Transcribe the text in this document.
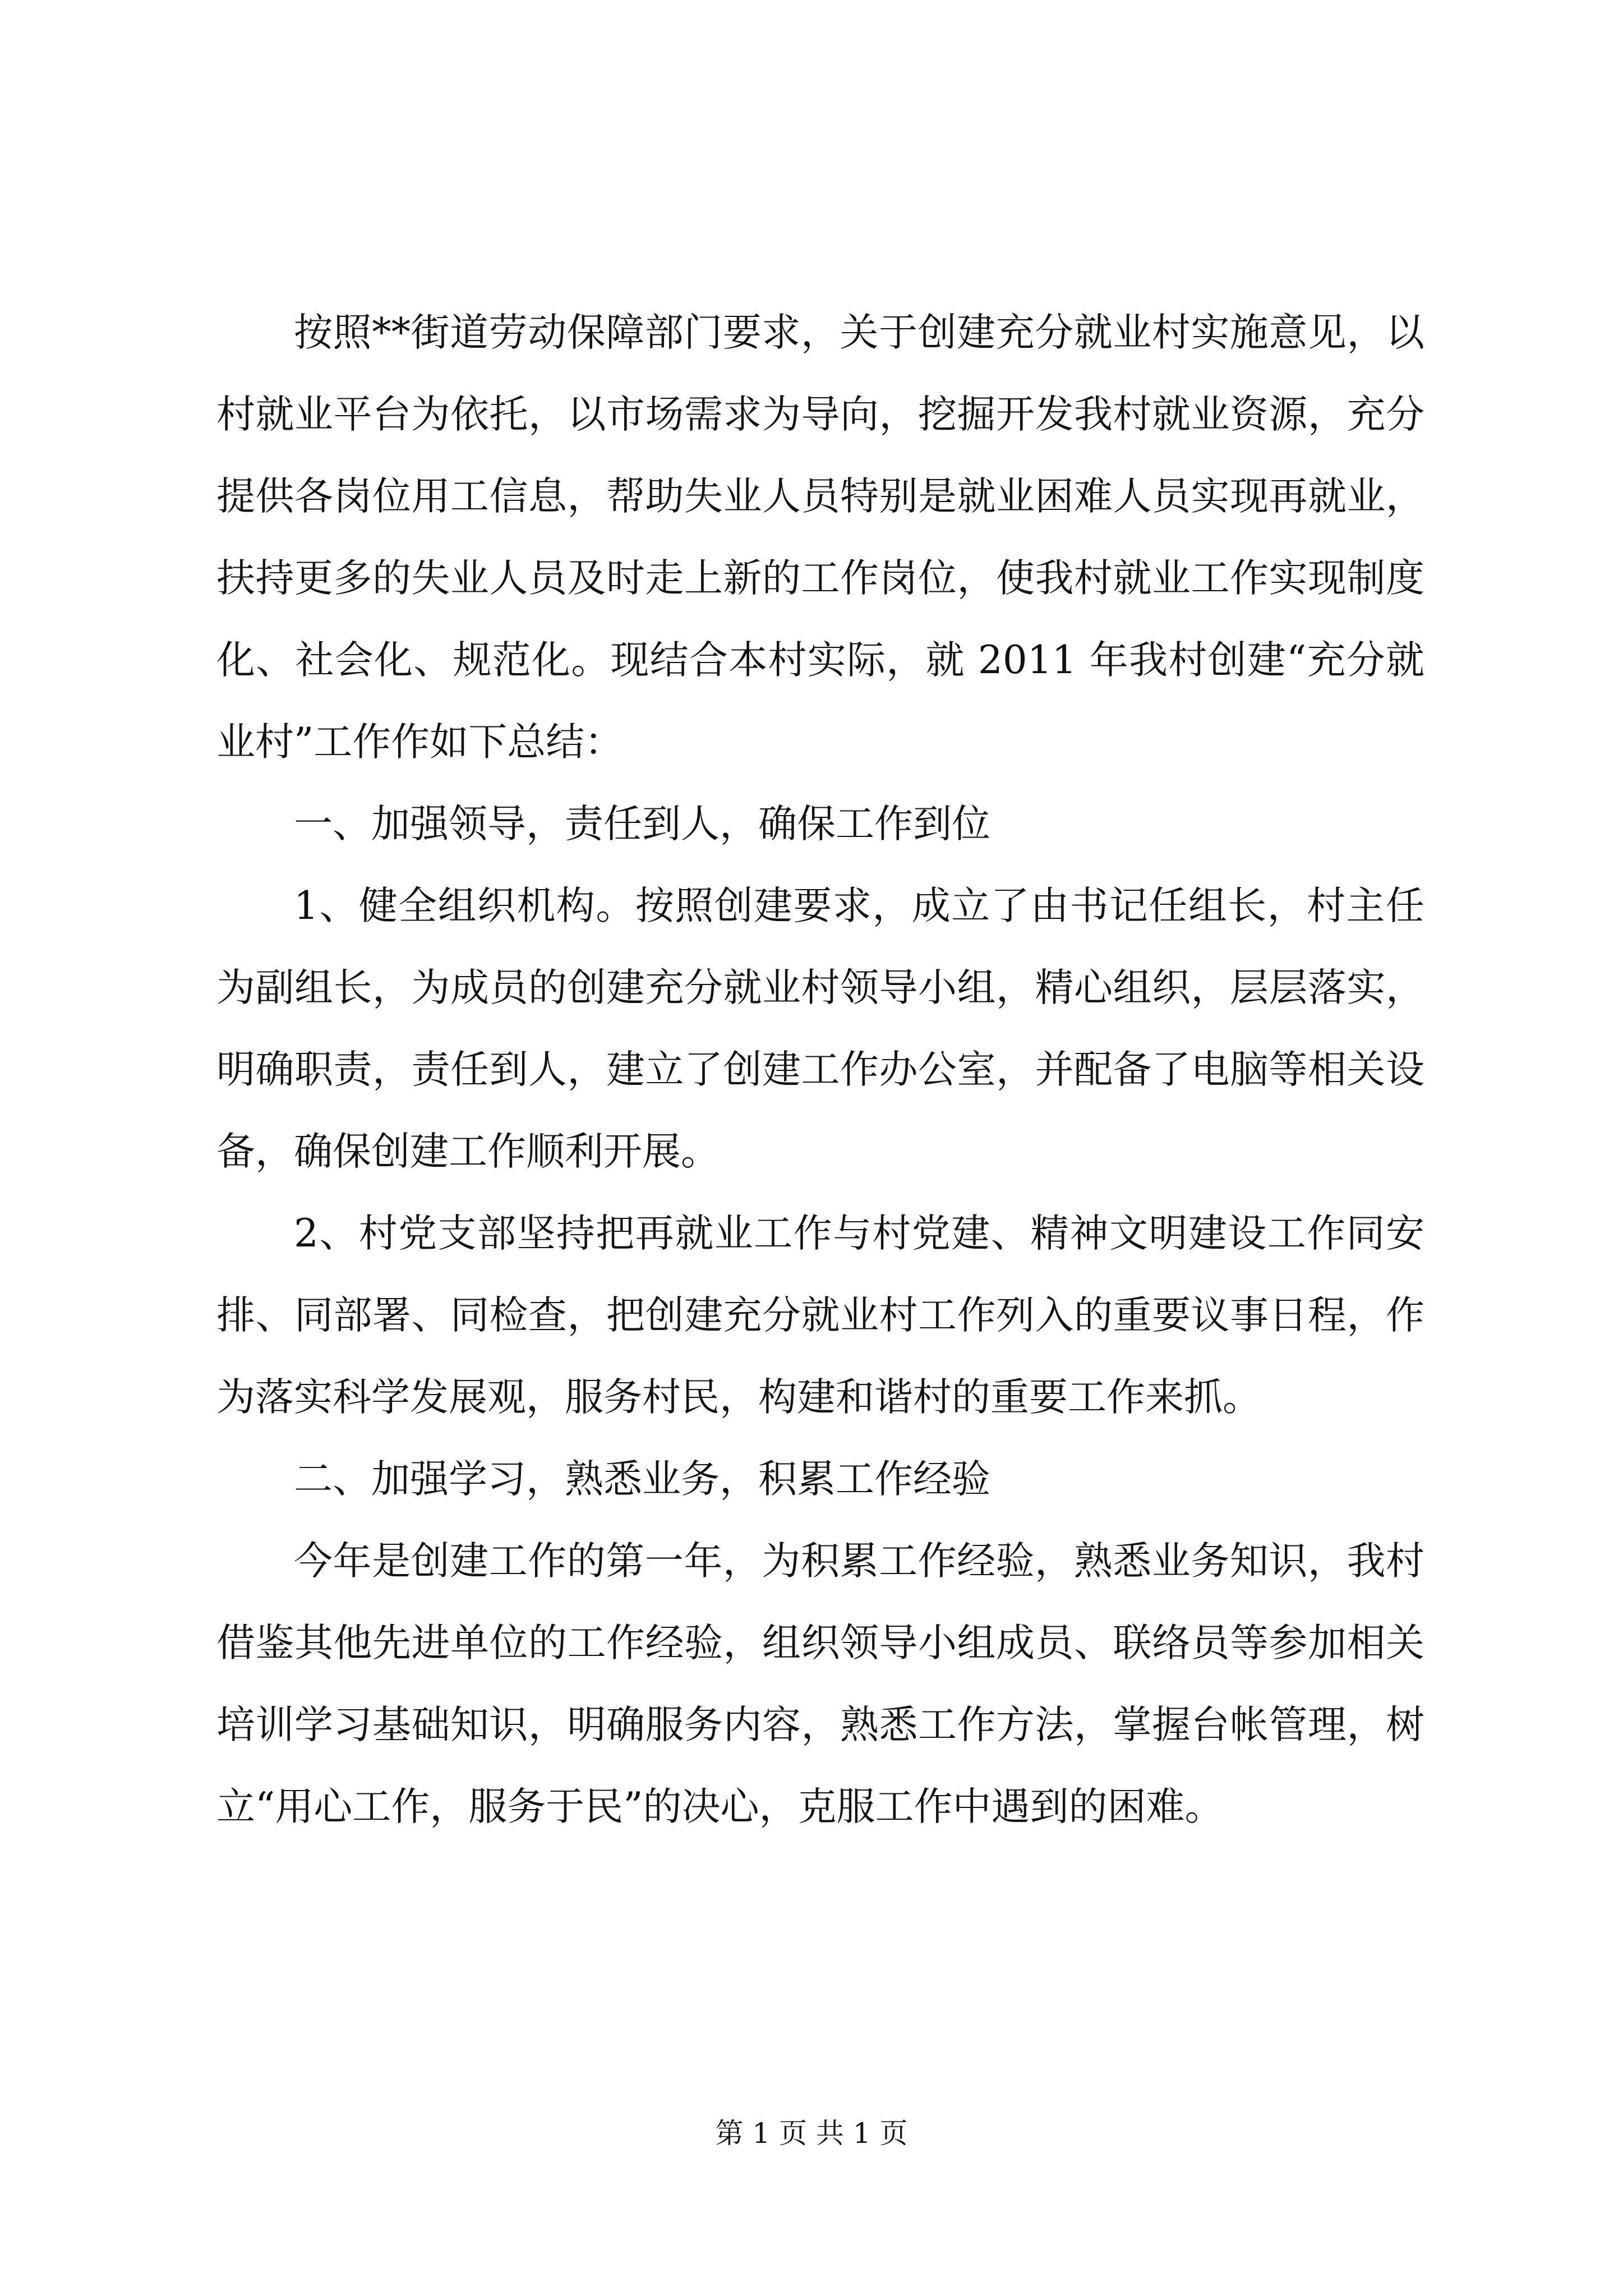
按照**街道劳动保障部门要求，关于创建充分就业村实施意见，以村就业平台为依托，以市场需求为导向，挖掘开发我村就业资源，充分提供各岗位用工信息，帮助失业人员特别是就业困难人员实现再就业，扶持更多的失业人员及时走上新的工作岗位，使我村就业工作实现制度化、社会化、规范化。现结合本村实际，就 2011 年我村创建“充分就业村”工作作如下总结：

一、加强领导，责任到人，确保工作到位

1、健全组织机构。按照创建要求，成立了由书记任组长，村主任为副组长，为成员的创建充分就业村领导小组，精心组织，层层落实，明确职责，责任到人，建立了创建工作办公室，并配备了电脑等相关设备，确保创建工作顺利开展。

2、村党支部坚持把再就业工作与村党建、精神文明建设工作同安排、同部署、同检查，把创建充分就业村工作列入的重要议事日程，作为落实科学发展观，服务村民，构建和谐村的重要工作来抓。

二、加强学习，熟悉业务，积累工作经验

今年是创建工作的第一年，为积累工作经验，熟悉业务知识，我村借鉴其他先进单位的工作经验，组织领导小组成员、联络员等参加相关培训学习基础知识，明确服务内容，熟悉工作方法，掌握台帐管理，树立“用心工作，服务于民”的决心，克服工作中遇到的困难。

第 1 页 共 1 页
